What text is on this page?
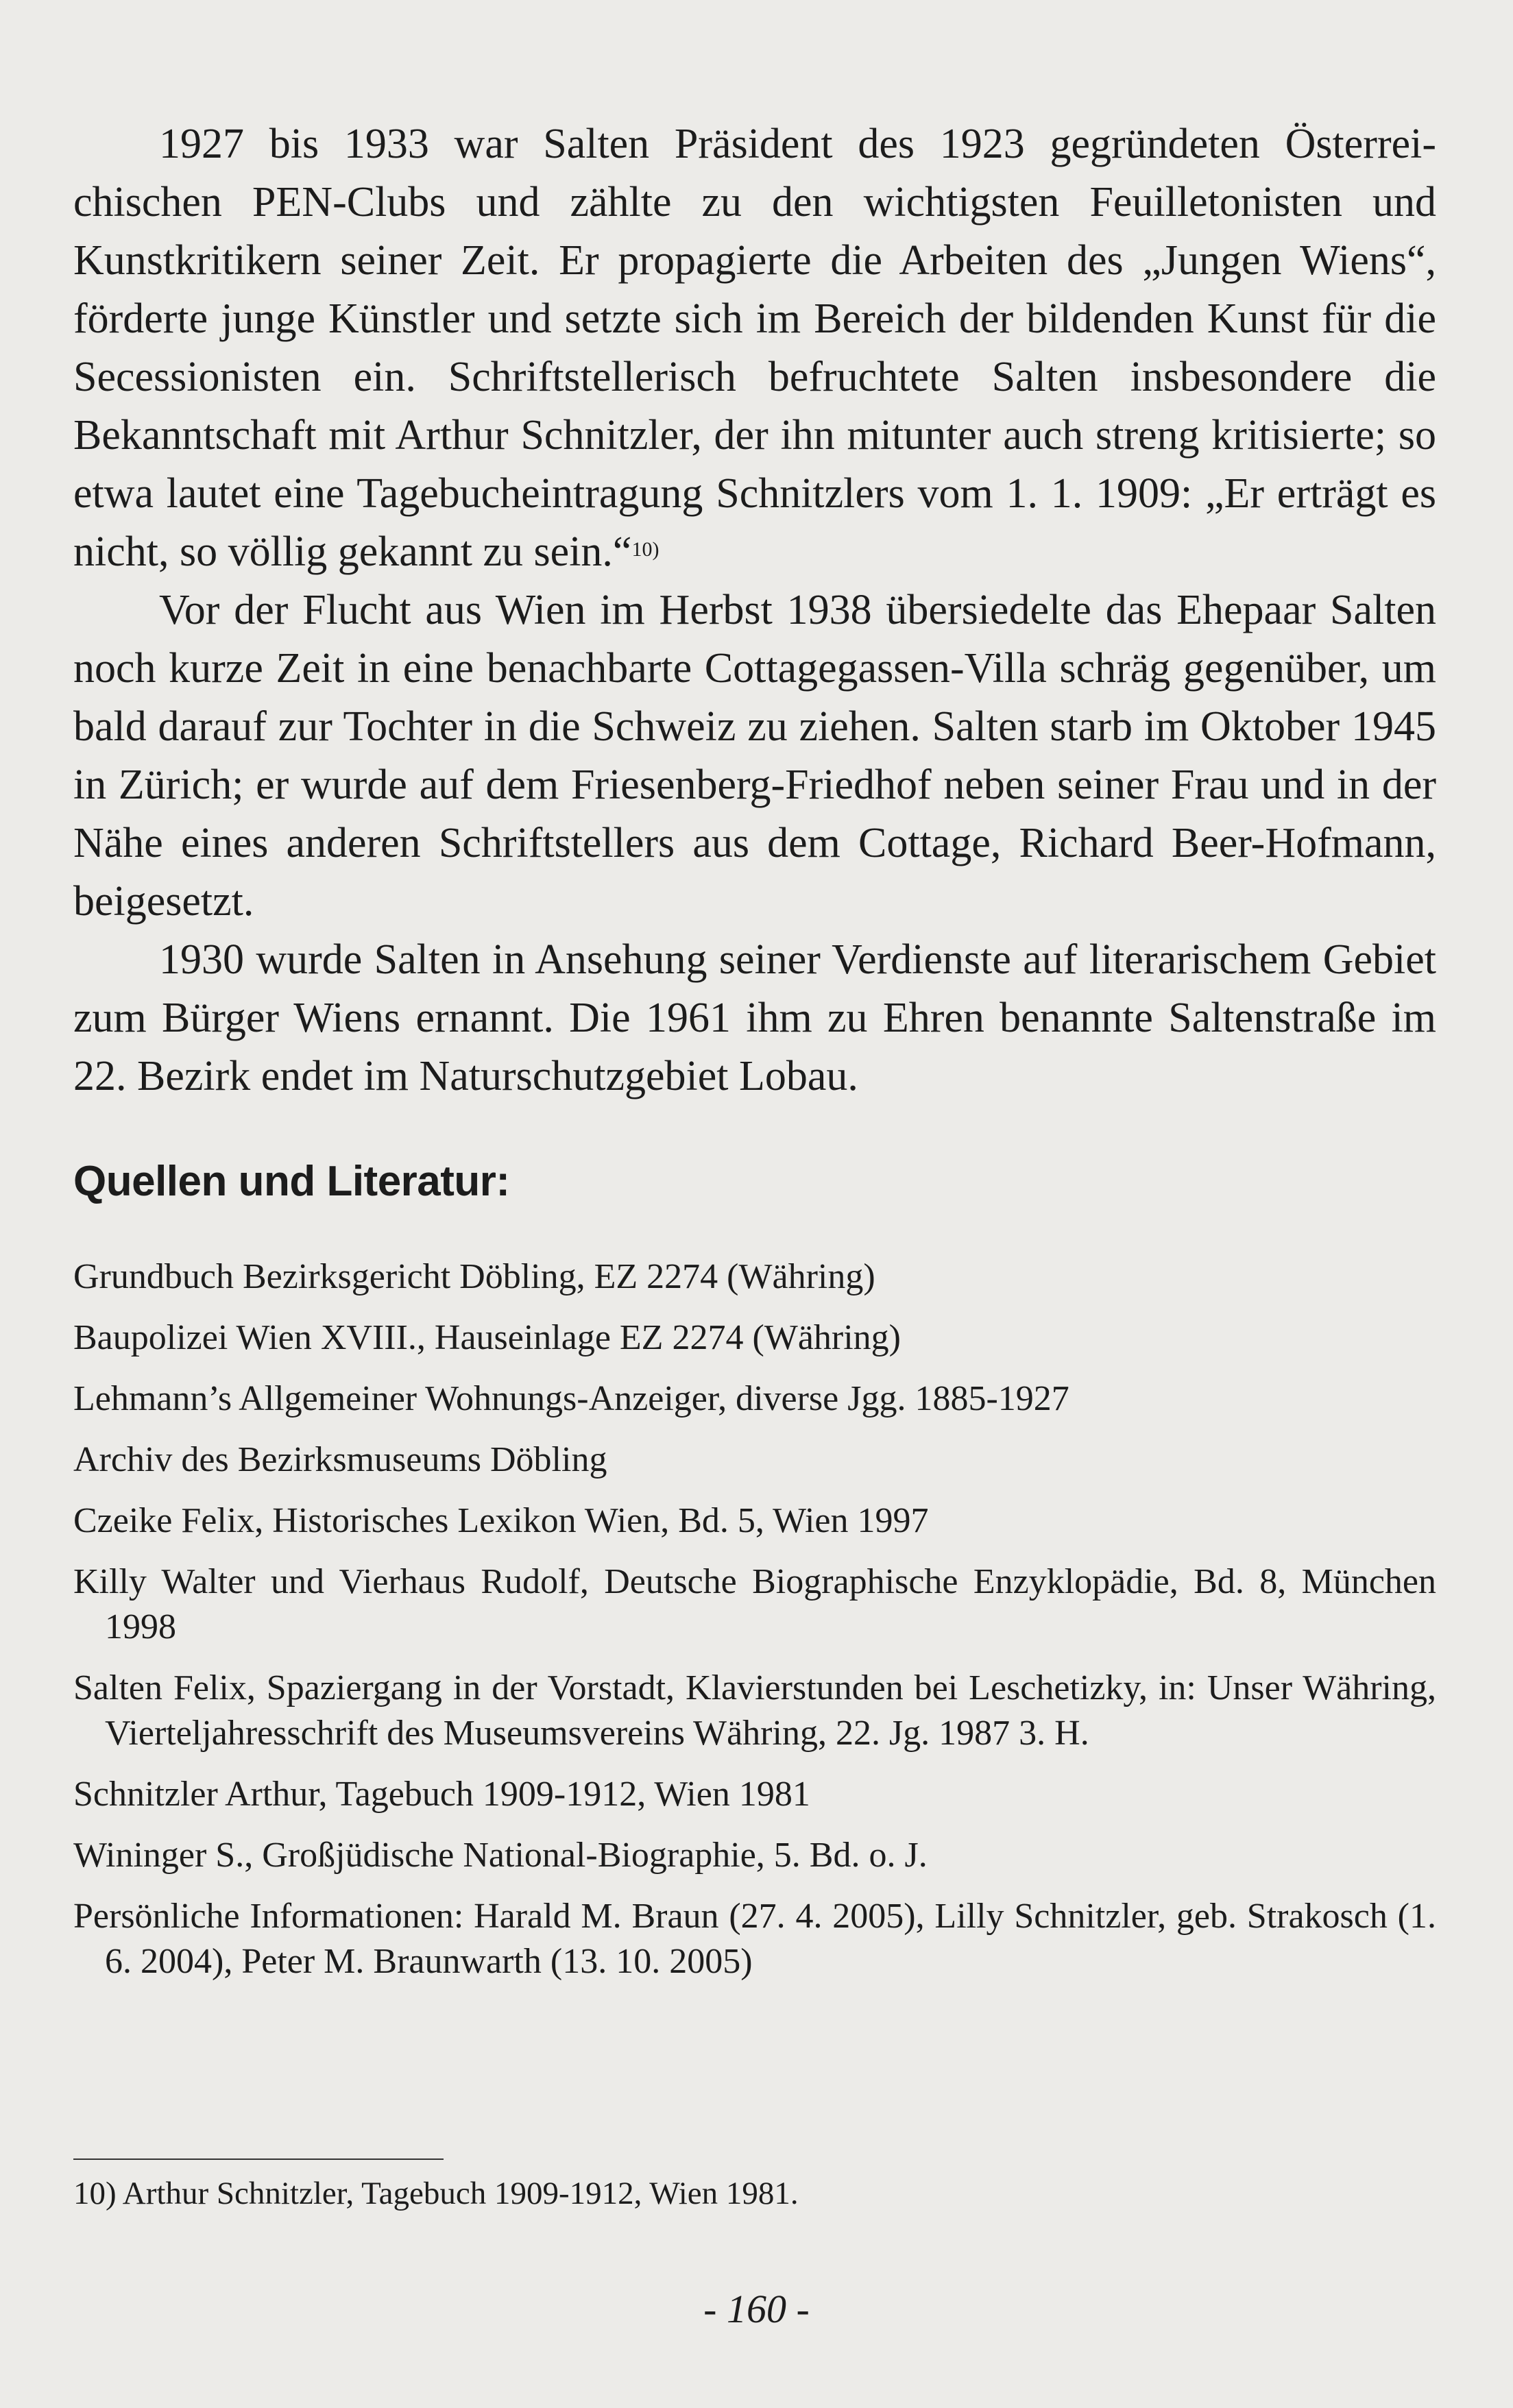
1927 bis 1933 war Salten Präsident des 1923 gegründeten Österreichischen PEN-Clubs und zählte zu den wichtigsten Feuilletonisten und Kunstkritikern seiner Zeit. Er propagierte die Arbeiten des „Jungen Wiens“, förderte junge Künstler und setzte sich im Bereich der bildenden Kunst für die Secessionisten ein. Schriftstellerisch befruchtete Salten insbesondere die Bekanntschaft mit Arthur Schnitzler, der ihn mitunter auch streng kritisierte; so etwa lautet eine Tagebucheintragung Schnitzlers vom 1. 1. 1909: „Er erträgt es nicht, so völlig gekannt zu sein.“$^{10)}$

Vor der Flucht aus Wien im Herbst 1938 übersiedelte das Ehepaar Salten noch kurze Zeit in eine benachbarte Cottagegassen-Villa schräg gegenüber, um bald darauf zur Tochter in die Schweiz zu ziehen. Salten starb im Oktober 1945 in Zürich; er wurde auf dem Friesenberg-Friedhof neben seiner Frau und in der Nähe eines anderen Schriftstellers aus dem Cottage, Richard Beer-Hofmann, beigesetzt.

1930 wurde Salten in Ansehung seiner Verdienste auf literarischem Gebiet zum Bürger Wiens ernannt. Die 1961 ihm zu Ehren benannte Saltenstraße im 22. Bezirk endet im Naturschutzgebiet Lobau.

Quellen und Literatur:
Grundbuch Bezirksgericht Döbling, EZ 2274 (Währing)
Baupolizei Wien XVIII., Hauseinlage EZ 2274 (Währing)
Lehmann’s Allgemeiner Wohnungs-Anzeiger, diverse Jgg. 1885-1927
Archiv des Bezirksmuseums Döbling
Czeike Felix, Historisches Lexikon Wien, Bd. 5, Wien 1997
Killy Walter und Vierhaus Rudolf, Deutsche Biographische Enzyklopädie, Bd. 8, München 1998
Salten Felix, Spaziergang in der Vorstadt, Klavierstunden bei Leschetizky, in: Unser Währing, Vierteljahresschrift des Museumsvereins Währing, 22. Jg. 1987 3. H.
Schnitzler Arthur, Tagebuch 1909-1912, Wien 1981
Wininger S., Großjüdische National-Biographie, 5. Bd. o. J.
Persönliche Informationen: Harald M. Braun (27. 4. 2005), Lilly Schnitzler, geb. Strakosch (1. 6. 2004), Peter M. Braunwarth (13. 10. 2005)

10) Arthur Schnitzler, Tagebuch 1909-1912, Wien 1981.

- 160 -
